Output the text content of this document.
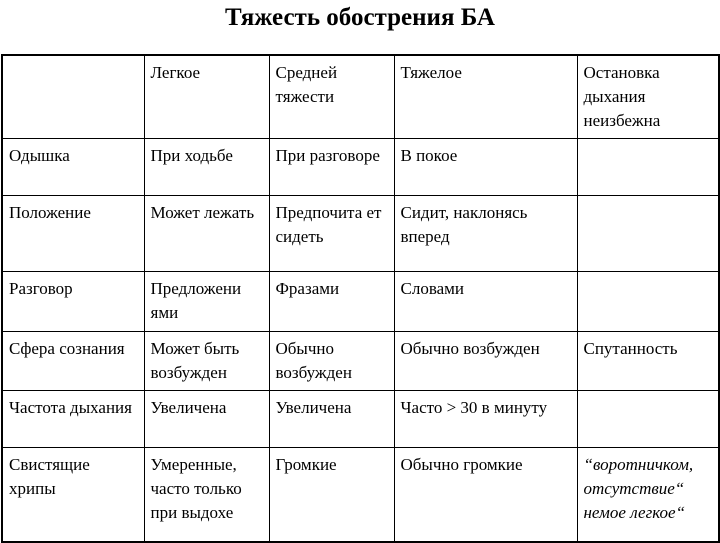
Тяжесть обострения БА
	Легкое	Средней тяжести	Тяжелое	Остановка дыхания неизбежна
Одышка	При ходьбе	При разговоре	В покое	
Положение	Может лежать	Предпочита ет сидеть	Сидит, наклонясь вперед	
Разговор	Предложени ями	Фразами	Словами	
Сфера сознания	Может быть возбужден	Обычно возбужден	Обычно возбужден	Спутанность
Частота дыхания	Увеличена	Увеличена	Часто > 30 в минуту	
Свистящие хрипы	Умеренные, часто только при выдохе	Громкие	Обычно громкие	“воротничком, отсутствие“ немое легкое“
